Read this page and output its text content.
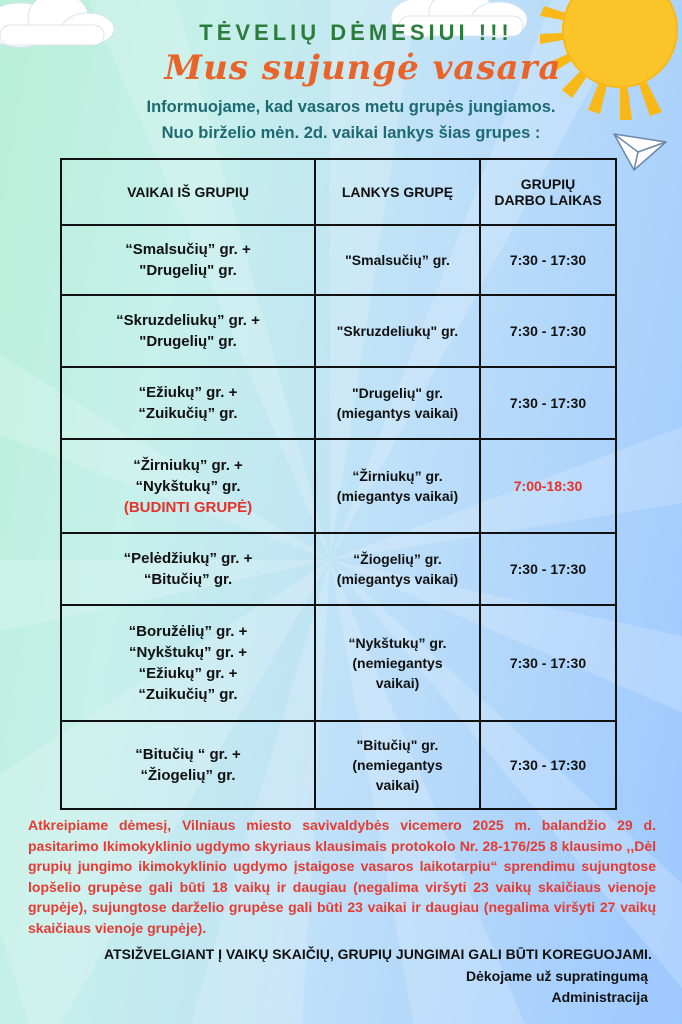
TĖVELIŲ DĖMESIUI !!!
Mus sujungė vasara
Informuojame, kad vasaros metu grupės jungiamos.
Nuo birželio mėn. 2d. vaikai lankys šias grupes :
VAIKAI IŠ GRUPIŲ	LANKYS GRUPĘ	GRUPIŲ
DARBO LAIKAS

“Smalsučių” gr. +
"Drugelių" gr.	"Smalsučių” gr.	7:30 - 17:30

“Skruzdeliukų” gr. +
"Drugelių" gr.	"Skruzdeliukų" gr.	7:30 - 17:30

“Ežiukų” gr. +
“Zuikučių” gr.	"Drugelių" gr.
(miegantys vaikai)	7:30 - 17:30

“Žirniukų” gr. +
“Nykštukų” gr.
(BUDINTI GRUPĖ)	“Žirniukų” gr.
(miegantys vaikai)	7:00-18:30

“Pelėdžiukų” gr. +
“Bitučių” gr.	“Žiogelių” gr.
(miegantys vaikai)	7:30 - 17:30

“Boružėlių” gr. +
“Nykštukų” gr. +
“Ežiukų” gr. +
“Zuikučių” gr.	“Nykštukų” gr.
(nemiegantys
vaikai)	7:30 - 17:30

“Bitučių “ gr. +
“Žiogelių” gr.	"Bitučių" gr.
(nemiegantys
vaikai)	7:30 - 17:30
Atkreipiame dėmesį, Vilniaus miesto savivaldybės vicemero 2025 m. balandžio 29 d. pasitarimo Ikimokyklinio ugdymo skyriaus klausimais protokolo Nr. 28-176/25 8 klausimo ,,Dėl grupių jungimo ikimokyklinio ugdymo įstaigose vasaros laikotarpiu“ sprendimu sujungtose lopšelio grupėse gali būti 18 vaikų ir daugiau (negalima viršyti 23 vaikų skaičiaus vienoje grupėje), sujungtose darželio grupėse gali būti 23 vaikai ir daugiau (negalima viršyti 27 vaikų skaičiaus vienoje grupėje).
ATSIŽVELGIANT Į VAIKŲ SKAIČIŲ, GRUPIŲ JUNGIMAI GALI BŪTI KOREGUOJAMI.
Dėkojame už supratingumą
Administracija
